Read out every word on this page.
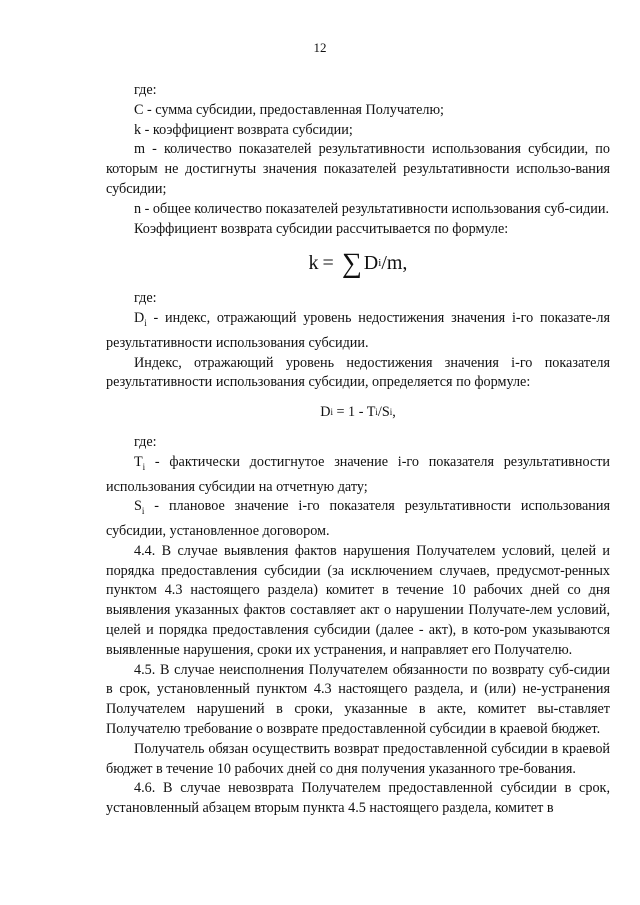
12

где:

С - сумма субсидии, предоставленная Получателю;

k - коэффициент возврата субсидии;

m - количество показателей результативности использования субсидии, по которым не достигнуты значения показателей результативности использо-вания субсидии;

n - общее количество показателей результативности использования суб-сидии.

Коэффициент возврата субсидии рассчитывается по формуле:

k = ∑ D i /m,

где:

$D_i$ - индекс, отражающий уровень недостижения значения i-го показате-ля результативности использования субсидии.

Индекс, отражающий уровень недостижения значения i-го показателя результативности использования субсидии, определяется по формуле:

D i = 1 - T i /S i ,

где:

$T_i$ - фактически достигнутое значение i-го показателя результативности использования субсидии на отчетную дату;

$S_i$ - плановое значение i-го показателя результативности использования субсидии, установленное договором.

4.4. В случае выявления фактов нарушения Получателем условий, целей и порядка предоставления субсидии (за исключением случаев, предусмот-ренных пунктом 4.3 настоящего раздела) комитет в течение 10 рабочих дней со дня выявления указанных фактов составляет акт о нарушении Получате-лем условий, целей и порядка предоставления субсидии (далее - акт), в кото-ром указываются выявленные нарушения, сроки их устранения, и направляет его Получателю.

4.5. В случае неисполнения Получателем обязанности по возврату суб-сидии в срок, установленный пунктом 4.3 настоящего раздела, и (или) не-устранения Получателем нарушений в сроки, указанные в акте, комитет вы-ставляет Получателю требование о возврате предоставленной субсидии в краевой бюджет.

Получатель обязан осуществить возврат предоставленной субсидии в краевой бюджет в течение 10 рабочих дней со дня получения указанного тре-бования.

4.6. В случае невозврата Получателем предоставленной субсидии в срок, установленный абзацем вторым пункта 4.5 настоящего раздела, комитет в
